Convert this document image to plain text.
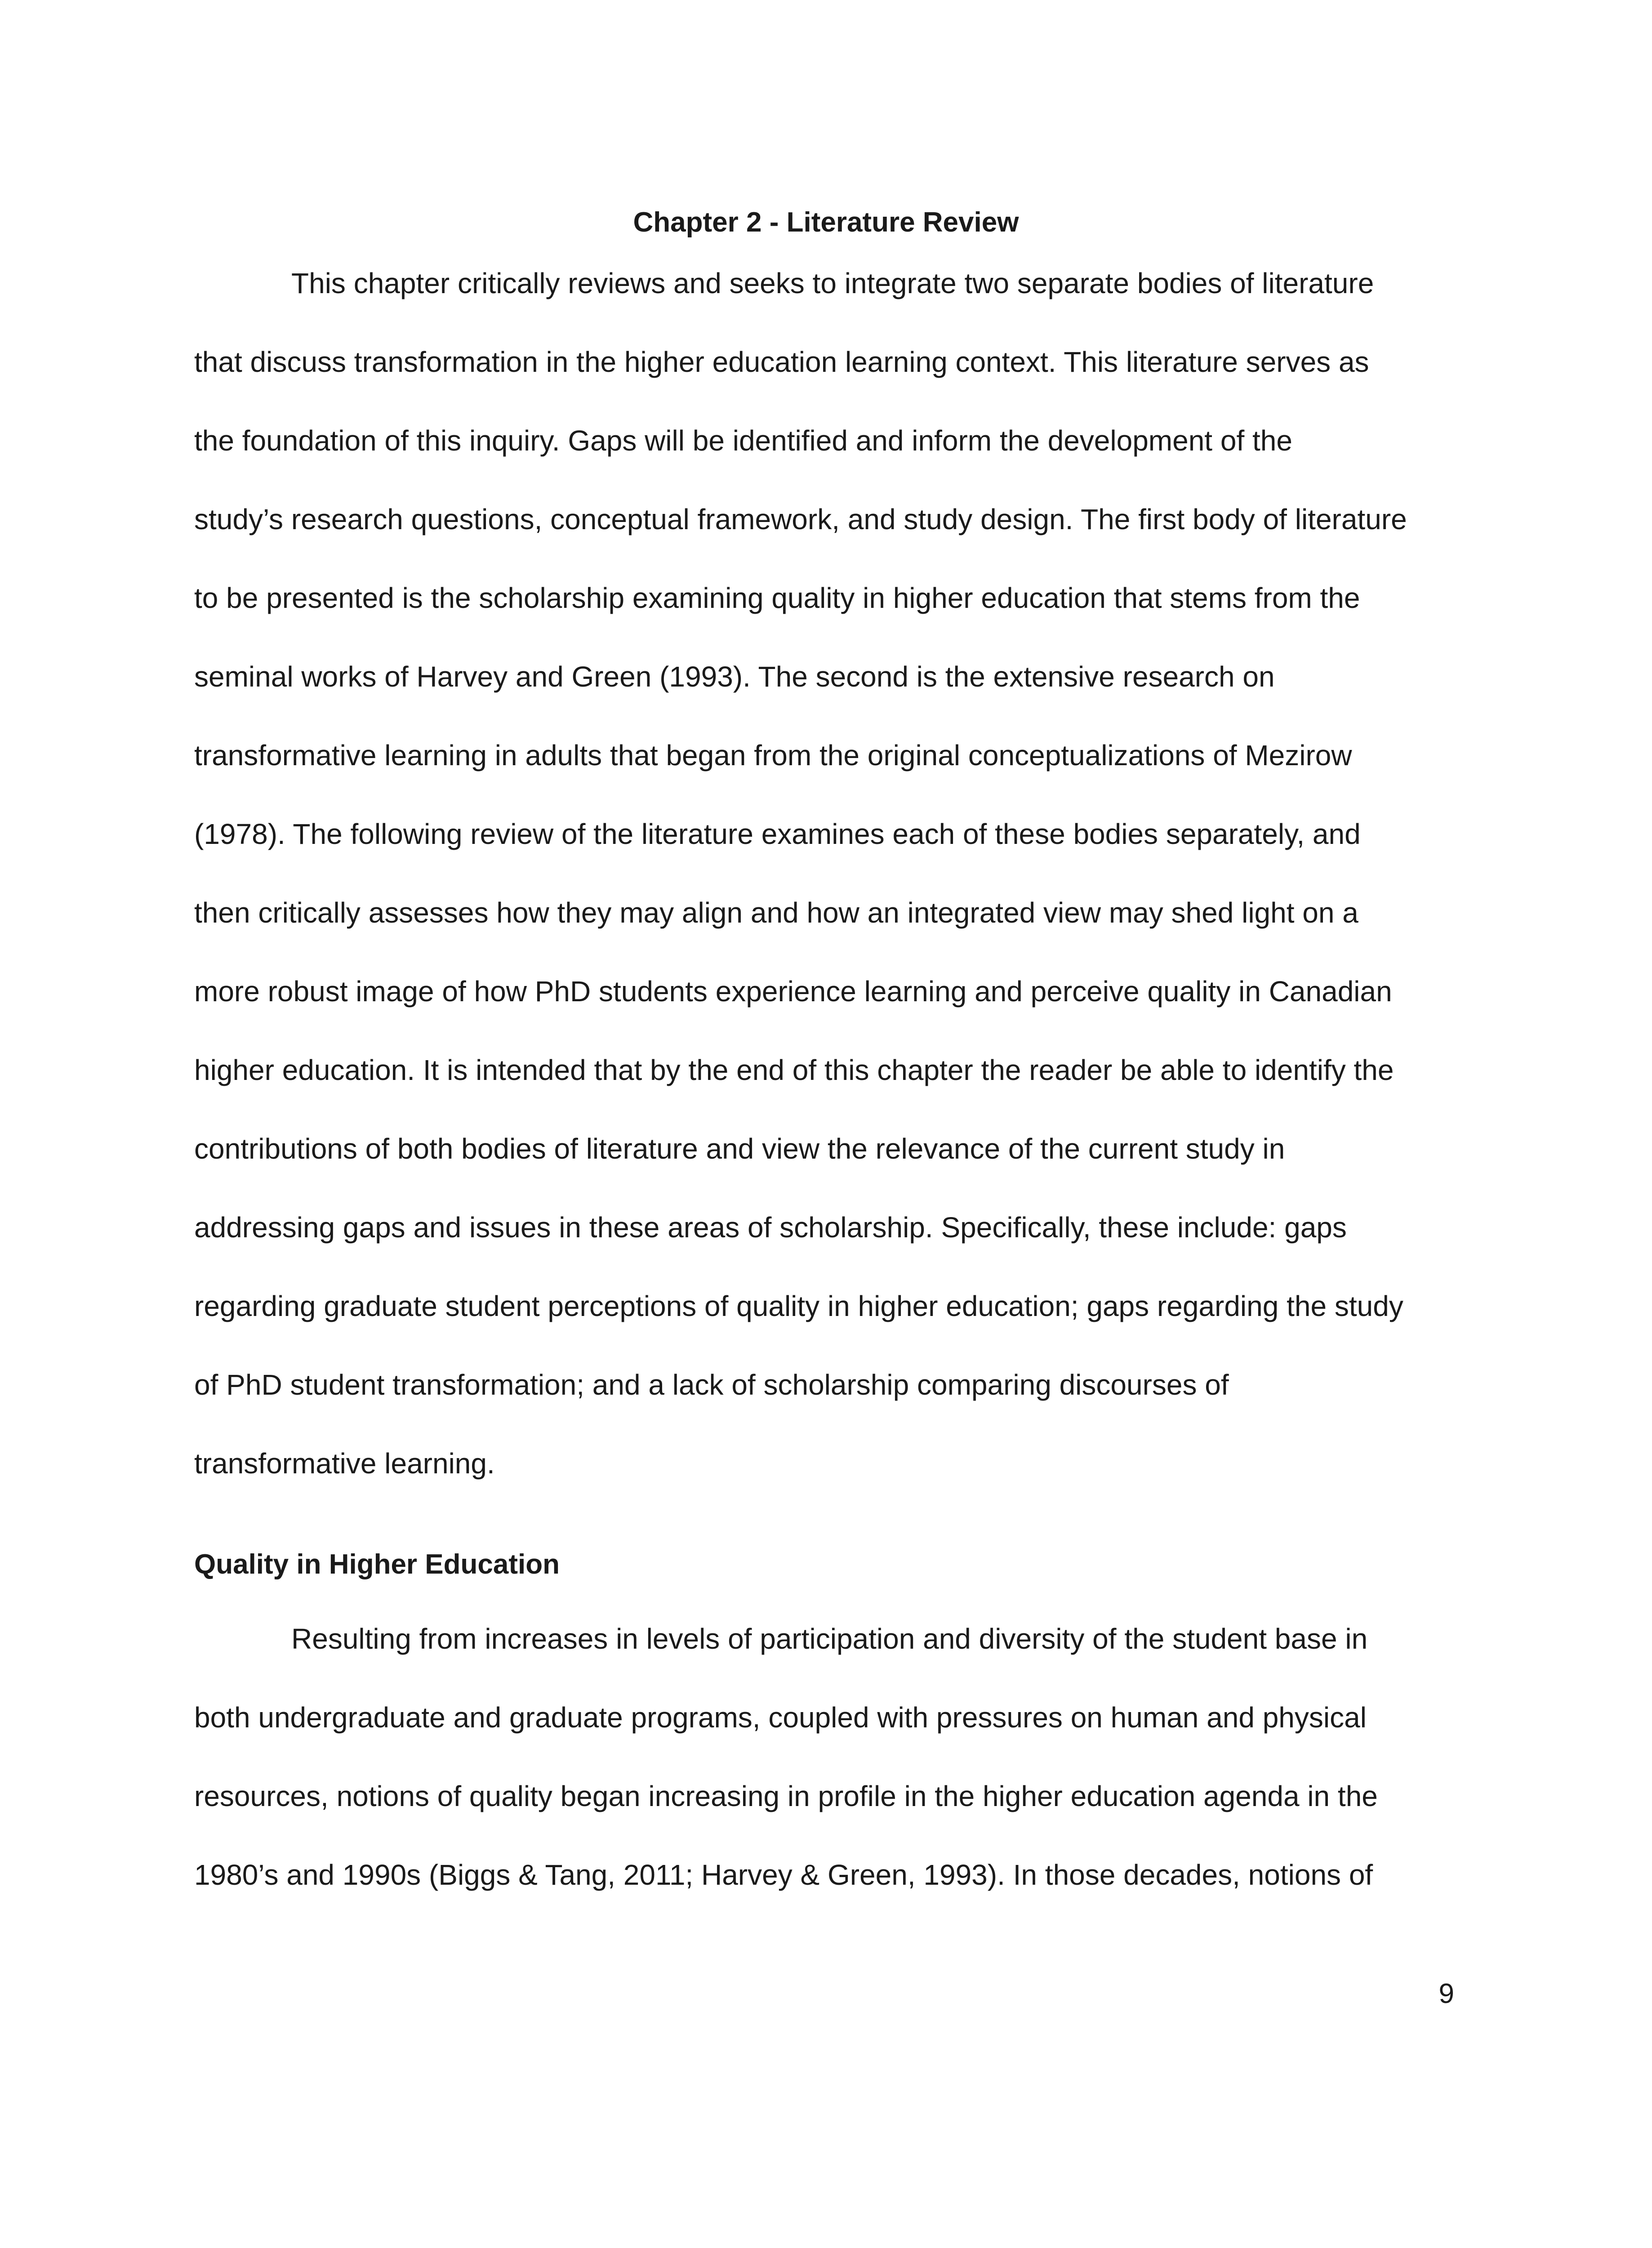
Chapter 2 - Literature Review
This chapter critically reviews and seeks to integrate two separate bodies of literature
that discuss transformation in the higher education learning context. This literature serves as
the foundation of this inquiry. Gaps will be identified and inform the development of the
study’s research questions, conceptual framework, and study design. The first body of literature
to be presented is the scholarship examining quality in higher education that stems from the
seminal works of Harvey and Green (1993). The second is the extensive research on
transformative learning in adults that began from the original conceptualizations of Mezirow
(1978). The following review of the literature examines each of these bodies separately, and
then critically assesses how they may align and how an integrated view may shed light on a
more robust image of how PhD students experience learning and perceive quality in Canadian
higher education. It is intended that by the end of this chapter the reader be able to identify the
contributions of both bodies of literature and view the relevance of the current study in
addressing gaps and issues in these areas of scholarship. Specifically, these include: gaps
regarding graduate student perceptions of quality in higher education; gaps regarding the study
of PhD student transformation; and a lack of scholarship comparing discourses of
transformative learning.
Quality in Higher Education
Resulting from increases in levels of participation and diversity of the student base in
both undergraduate and graduate programs, coupled with pressures on human and physical
resources, notions of quality began increasing in profile in the higher education agenda in the
1980’s and 1990s (Biggs & Tang, 2011; Harvey & Green, 1993). In those decades, notions of
9
